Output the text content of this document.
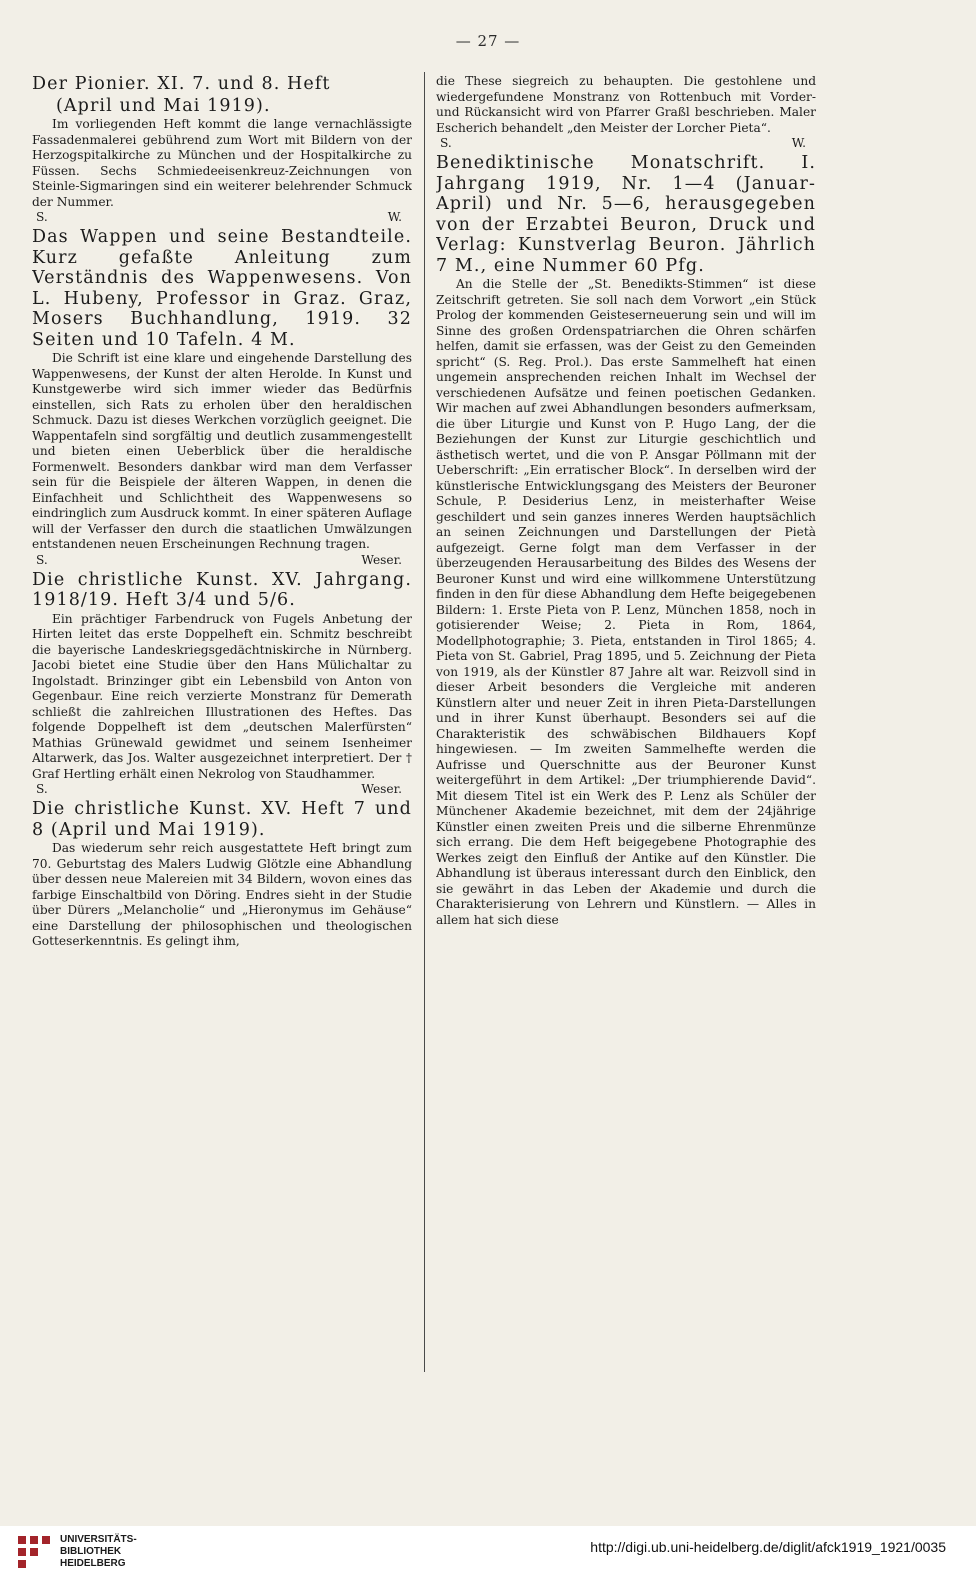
— 27 —

Der Pionier. XI. 7. und 8. Heft

(April und Mai 1919).

Im vorliegenden Heft kommt die lange vernachlässigte Fassadenmalerei gebührend zum Wort mit Bildern von der Herzogspitalkirche zu München und der Hospitalkirche zu Füssen. Sechs Schmiedeeisenkreuz-Zeichnungen von Steinle-Sigmaringen sind ein weiterer belehrender Schmuck der Nummer.

S.	W.

Das Wappen und seine Bestandteile. Kurz gefaßte Anleitung zum Verständnis des Wappenwesens. Von L. Hubeny, Professor in Graz. Graz, Mosers Buchhandlung, 1919. 32 Seiten und 10 Tafeln. 4 M.

Die Schrift ist eine klare und eingehende Darstellung des Wappenwesens, der Kunst der alten Herolde. In Kunst und Kunstgewerbe wird sich immer wieder das Bedürfnis einstellen, sich Rats zu erholen über den heraldischen Schmuck. Dazu ist dieses Werkchen vorzüglich geeignet. Die Wappentafeln sind sorgfältig und deutlich zusammengestellt und bieten einen Ueberblick über die heraldische Formenwelt. Besonders dankbar wird man dem Verfasser sein für die Beispiele der älteren Wappen, in denen die Einfachheit und Schlichtheit des Wappenwesens so eindringlich zum Ausdruck kommt. In einer späteren Auflage will der Verfasser den durch die staatlichen Umwälzungen entstandenen neuen Erscheinungen Rechnung tragen.

S.	Weser.

Die christliche Kunst. XV. Jahrgang. 1918/19. Heft 3/4 und 5/6.

Ein prächtiger Farbendruck von Fugels Anbetung der Hirten leitet das erste Doppelheft ein. Schmitz beschreibt die bayerische Landeskriegsgedächtniskirche in Nürnberg. Jacobi bietet eine Studie über den Hans Mülichaltar zu Ingolstadt. Brinzinger gibt ein Lebensbild von Anton von Gegenbaur. Eine reich verzierte Monstranz für Demerath schließt die zahlreichen Illustrationen des Heftes. Das folgende Doppelheft ist dem „deutschen Malerfürsten“ Mathias Grünewald gewidmet und seinem Isenheimer Altarwerk, das Jos. Walter ausgezeichnet interpretiert. Der † Graf Hertling erhält einen Nekrolog von Staudhammer.

S.	Weser.

Die christliche Kunst. XV. Heft 7 und 8 (April und Mai 1919).

Das wiederum sehr reich ausgestattete Heft bringt zum 70. Geburtstag des Malers Ludwig Glötzle eine Abhandlung über dessen neue Malereien mit 34 Bildern, wovon eines das farbige Einschaltbild von Döring. Endres sieht in der Studie über Dürers „Melancholie“ und „Hieronymus im Gehäuse“ eine Darstellung der philosophischen und theologischen Gotteserkenntnis. Es gelingt ihm,

die These siegreich zu behaupten. Die gestohlene und wiedergefundene Monstranz von Rottenbuch mit Vorder- und Rückansicht wird von Pfarrer Graßl beschrieben. Maler Escherich behandelt „den Meister der Lorcher Pieta“.

S.	W.

Benediktinische Monatschrift. I. Jahrgang 1919, Nr. 1—4 (Januar-April) und Nr. 5—6, herausgegeben von der Erzabtei Beuron, Druck und Verlag: Kunstverlag Beuron. Jährlich 7 M., eine Nummer 60 Pfg.

An die Stelle der „St. Benedikts-Stimmen“ ist diese Zeitschrift getreten. Sie soll nach dem Vorwort „ein Stück Prolog der kommenden Geisteserneuerung sein und will im Sinne des großen Ordenspatriarchen die Ohren schärfen helfen, damit sie erfassen, was der Geist zu den Gemeinden spricht“ (S. Reg. Prol.). Das erste Sammelheft hat einen ungemein ansprechenden reichen Inhalt im Wechsel der verschiedenen Aufsätze und feinen poetischen Gedanken. Wir machen auf zwei Abhandlungen besonders aufmerksam, die über Liturgie und Kunst von P. Hugo Lang, der die Beziehungen der Kunst zur Liturgie geschichtlich und ästhetisch wertet, und die von P. Ansgar Pöllmann mit der Ueberschrift: „Ein erratischer Block“. In derselben wird der künstlerische Entwicklungsgang des Meisters der Beuroner Schule, P. Desiderius Lenz, in meisterhafter Weise geschildert und sein ganzes inneres Werden hauptsächlich an seinen Zeichnungen und Darstellungen der Pietà aufgezeigt. Gerne folgt man dem Verfasser in der überzeugenden Herausarbeitung des Bildes des Wesens der Beuroner Kunst und wird eine willkommene Unterstützung finden in den für diese Abhandlung dem Hefte beigegebenen Bildern: 1. Erste Pieta von P. Lenz, München 1858, noch in gotisierender Weise; 2. Pieta in Rom, 1864, Modellphotographie; 3. Pieta, entstanden in Tirol 1865; 4. Pieta von St. Gabriel, Prag 1895, und 5. Zeichnung der Pieta von 1919, als der Künstler 87 Jahre alt war. Reizvoll sind in dieser Arbeit besonders die Vergleiche mit anderen Künstlern alter und neuer Zeit in ihren Pieta-Darstellungen und in ihrer Kunst überhaupt. Besonders sei auf die Charakteristik des schwäbischen Bildhauers Kopf hingewiesen. — Im zweiten Sammelhefte werden die Aufrisse und Querschnitte aus der Beuroner Kunst weitergeführt in dem Artikel: „Der triumphierende David“. Mit diesem Titel ist ein Werk des P. Lenz als Schüler der Münchener Akademie bezeichnet, mit dem der 24jährige Künstler einen zweiten Preis und die silberne Ehrenmünze sich errang. Die dem Heft beigegebene Photographie des Werkes zeigt den Einfluß der Antike auf den Künstler. Die Abhandlung ist überaus interessant durch den Einblick, den sie gewährt in das Leben der Akademie und durch die Charakterisierung von Lehrern und Künstlern. — Alles in allem hat sich diese

UNIVERSITÄTS-
BIBLIOTHEK
HEIDELBERG
http://digi.ub.uni-heidelberg.de/diglit/afck1919_1921/0035
